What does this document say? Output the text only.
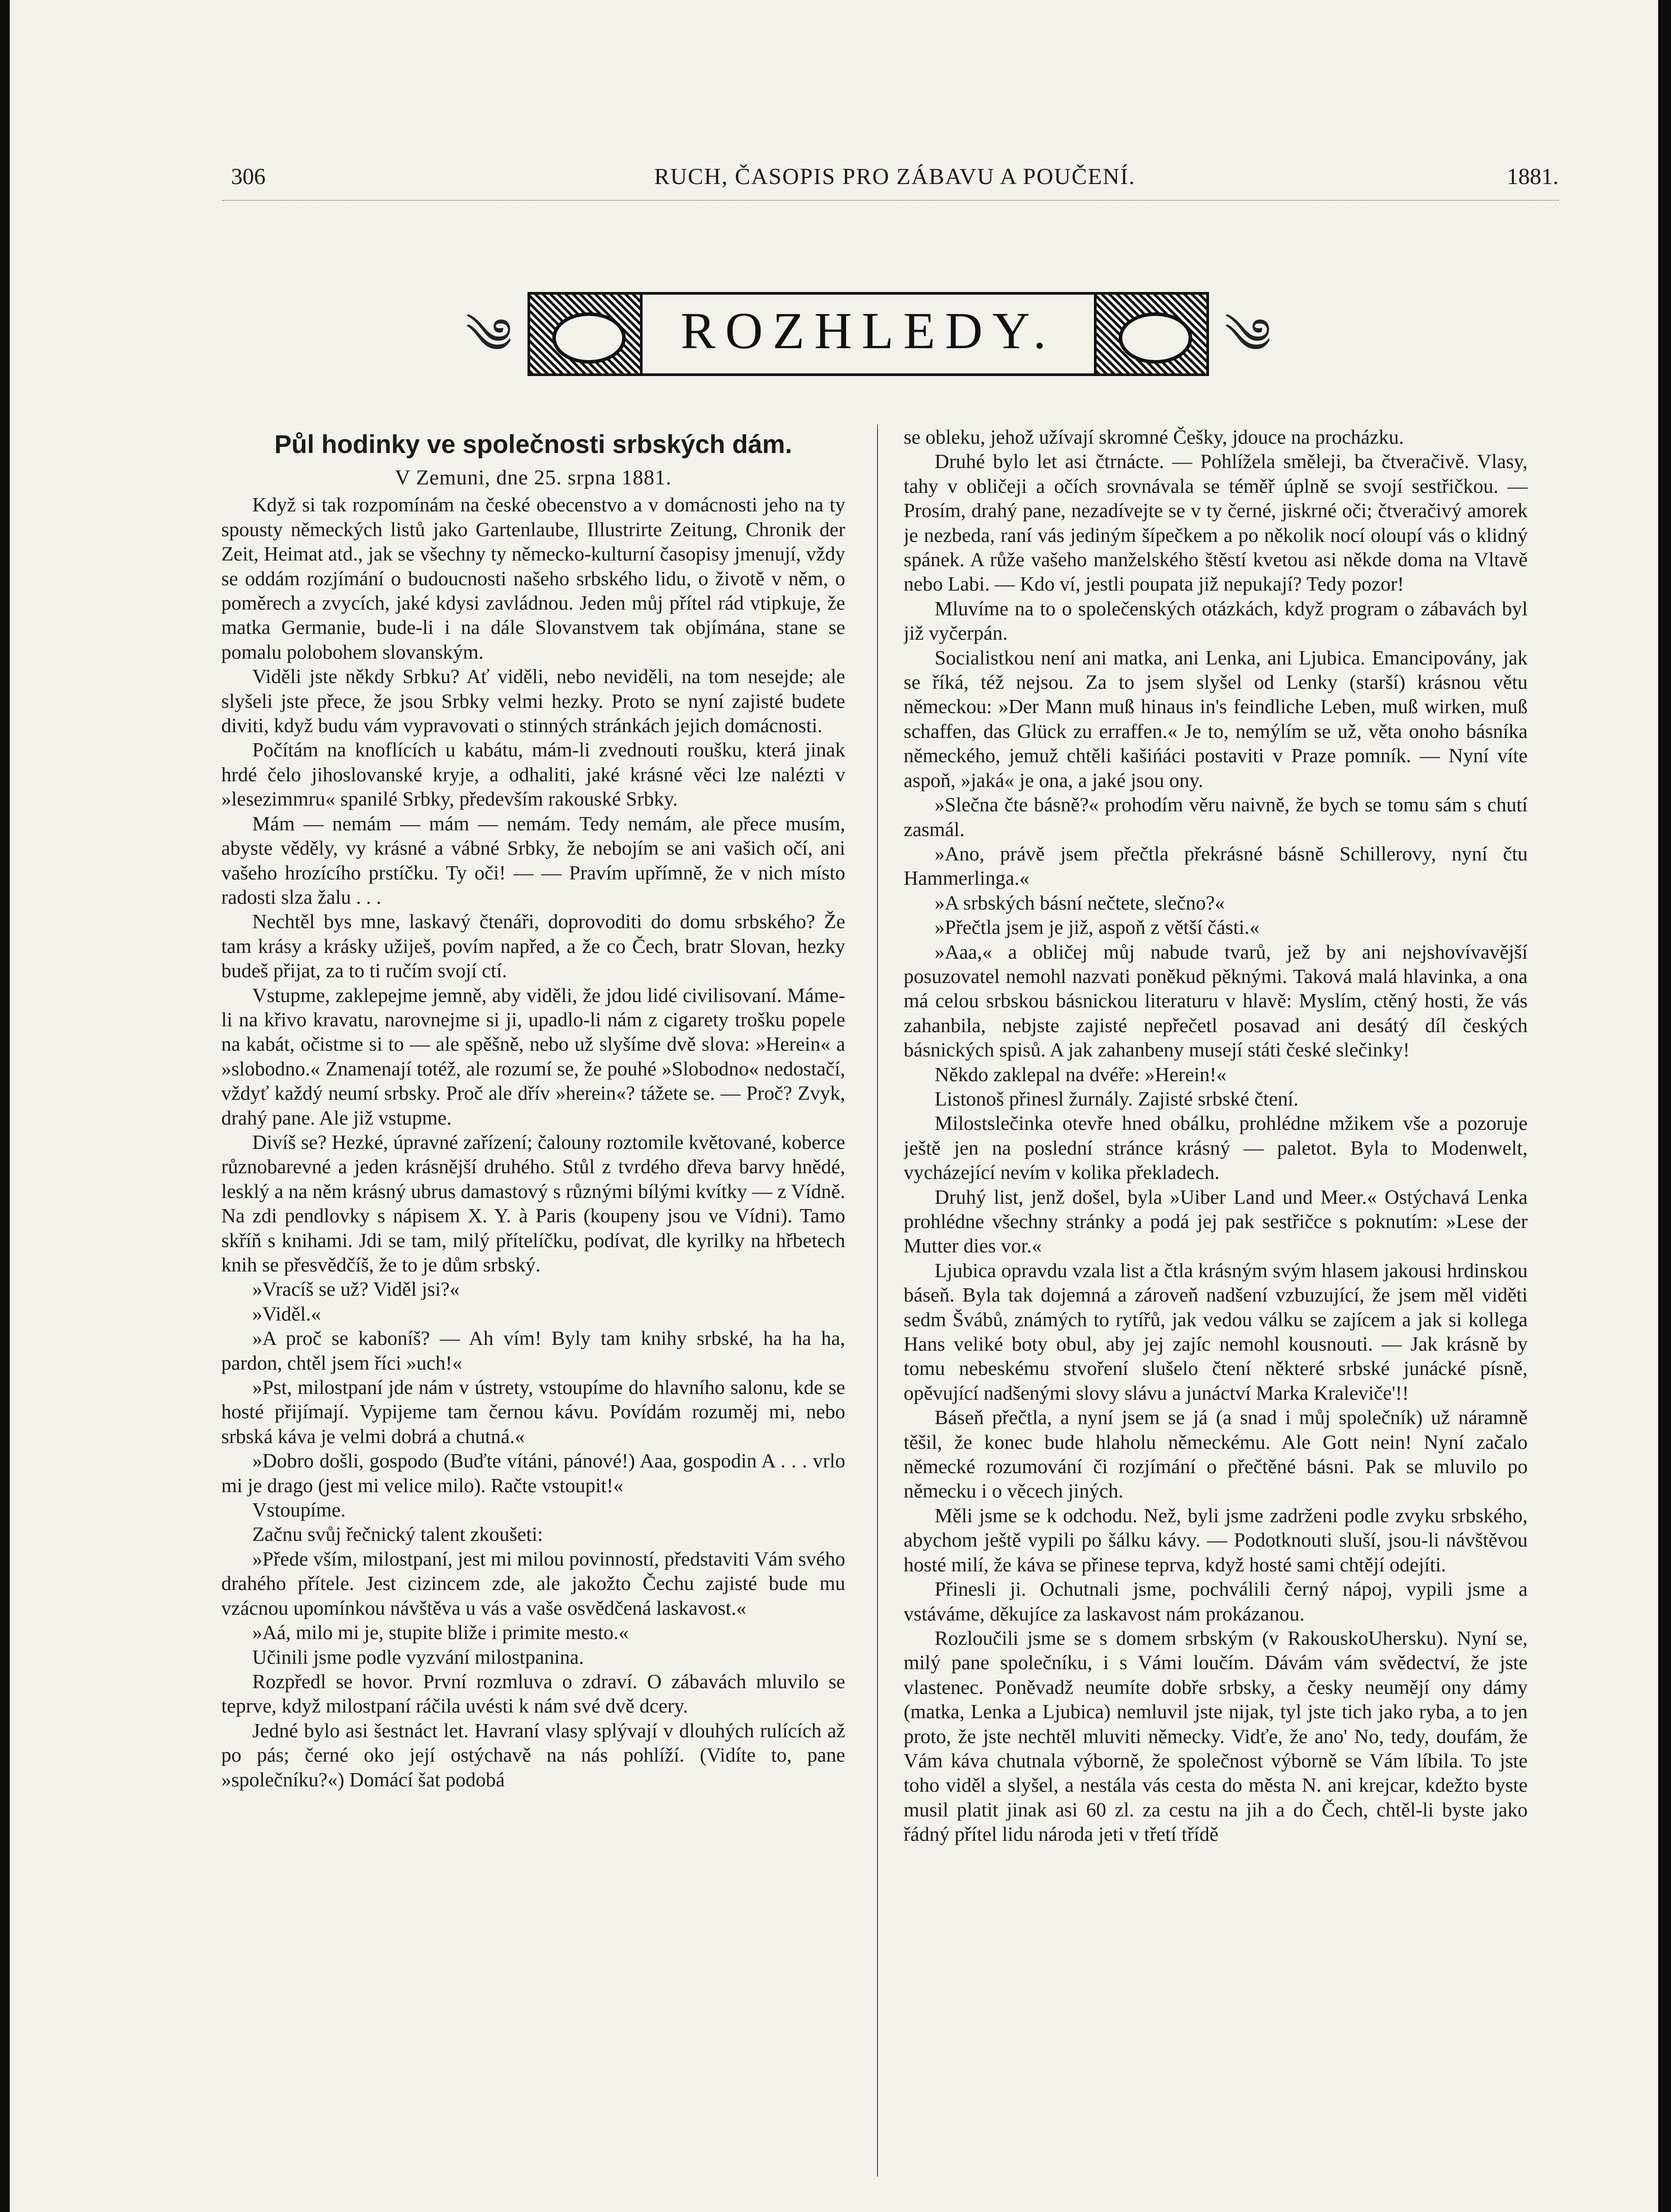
306	RUCH, ČASOPIS PRO ZÁBAVU A POUČENÍ.	1881.
༄	ROZHLEDY.	༄
Půl hodinky ve společnosti srbských dám.
V Zemuni, dne 25. srpna 1881.

Když si tak rozpomínám na české obecenstvo a v domácnosti jeho na ty spousty německých listů jako Gartenlaube, Illustrirte Zeitung, Chronik der Zeit, Heimat atd., jak se všechny ty německo-kulturní časopisy jmenují, vždy se oddám rozjímání o budoucnosti našeho srbského lidu, o životě v něm, o poměrech a zvycích, jaké kdysi zavládnou. Jeden můj přítel rád vtipkuje, že matka Germanie, bude-li i na dále Slovanstvem tak objímána, stane se pomalu polobohem slovanským.

Viděli jste někdy Srbku? Ať viděli, nebo neviděli, na tom nesejde; ale slyšeli jste přece, že jsou Srbky velmi hezky. Proto se nyní zajisté budete diviti, když budu vám vypravovati o stinných stránkách jejich domácnosti.

Počítám na knoflících u kabátu, mám-li zvednouti roušku, která jinak hrdé čelo jihoslovanské kryje, a odhaliti, jaké krásné věci lze nalézti v »lesezimmru« spanilé Srbky, především rakouské Srbky.

Mám — nemám — mám — nemám. Tedy nemám, ale přece musím, abyste věděly, vy krásné a vábné Srbky, že nebojím se ani vašich očí, ani vašeho hrozícího prstíčku. Ty oči! — — Pravím upřímně, že v nich místo radosti slza žalu . . .

Nechtěl bys mne, laskavý čtenáři, doprovoditi do domu srbského? Že tam krásy a krásky užiješ, povím napřed, a že co Čech, bratr Slovan, hezky budeš přijat, za to ti ručím svojí ctí.

Vstupme, zaklepejme jemně, aby viděli, že jdou lidé civilisovaní. Máme-li na křivo kravatu, narovnejme si ji, upadlo-li nám z cigarety trošku popele na kabát, očistme si to — ale spěšně, nebo už slyšíme dvě slova: »Herein« a »slobodno.« Znamenají totéž, ale rozumí se, že pouhé »Slobodno« nedostačí, vždyť každý neumí srbsky. Proč ale dřív »herein«? tážete se. — Proč? Zvyk, drahý pane. Ale již vstupme.

Divíš se? Hezké, úpravné zařízení; čalouny roztomile květované, koberce různobarevné a jeden krásnější druhého. Stůl z tvrdého dřeva barvy hnědé, lesklý a na něm krásný ubrus damastový s různými bílými kvítky — z Vídně. Na zdi pendlovky s nápisem X. Y. à Paris (koupeny jsou ve Vídni). Tamo skříň s knihami. Jdi se tam, milý přítelíčku, podívat, dle kyrilky na hřbetech knih se přesvědčíš, že to je dům srbský.

»Vracíš se už? Viděl jsi?«

»Viděl.«

»A proč se kaboníš? — Ah vím! Byly tam knihy srbské, ha ha ha, pardon, chtěl jsem říci »uch!«

»Pst, milostpaní jde nám v ústrety, vstoupíme do hlavního salonu, kde se hosté přijímají. Vypijeme tam černou kávu. Povídám rozuměj mi, nebo srbská káva je velmi dobrá a chutná.«

»Dobro došli, gospodo (Buďte vítáni, pánové!) Aaa, gospodin A . . . vrlo mi je drago (jest mi velice milo). Račte vstoupit!«

Vstoupíme.

Začnu svůj řečnický talent zkoušeti:

»Přede vším, milostpaní, jest mi milou povinností, představiti Vám svého drahého přítele. Jest cizincem zde, ale jakožto Čechu zajisté bude mu vzácnou upomínkou návštěva u vás a vaše osvědčená laskavost.«

»Aá, milo mi je, stupite bliže i primite mesto.«

Učinili jsme podle vyzvání milostpanina.

Rozpředl se hovor. První rozmluva o zdraví. O zábavách mluvilo se teprve, když milostpaní ráčila uvésti k nám své dvě dcery.

Jedné bylo asi šestnáct let. Havraní vlasy splývají v dlouhých rulících až po pás; černé oko její ostýchavě na nás pohlíží. (Vidíte to, pane »společníku?«) Domácí šat podobá

se obleku, jehož užívají skromné Češky, jdouce na procházku.

Druhé bylo let asi čtrnácte. — Pohlížela směleji, ba čtveračivě. Vlasy, tahy v obličeji a očích srovnávala se téměř úplně se svojí sestřičkou. — Prosím, drahý pane, nezadívejte se v ty černé, jiskrné oči; čtveračivý amorek je nezbeda, raní vás jediným šípečkem a po několik nocí oloupí vás o klidný spánek. A růže vašeho manželského štěstí kvetou asi někde doma na Vltavě nebo Labi. — Kdo ví, jestli poupata již nepukají? Tedy pozor!

Mluvíme na to o společenských otázkách, když program o zábavách byl již vyčerpán.

Socialistkou není ani matka, ani Lenka, ani Ljubica. Emancipovány, jak se říká, též nejsou. Za to jsem slyšel od Lenky (starší) krásnou větu německou: »Der Mann muß hinaus in's feindliche Leben, muß wirken, muß schaffen, das Glück zu erraffen.« Je to, nemýlím se už, věta onoho básníka německého, jemuž chtěli kašińáci postaviti v Praze pomník. — Nyní víte aspoň, »jaká« je ona, a jaké jsou ony.

»Slečna čte básně?« prohodím věru naivně, že bych se tomu sám s chutí zasmál.

»Ano, právě jsem přečtla překrásné básně Schillerovy, nyní čtu Hammerlinga.«

»A srbských básní nečtete, slečno?«

»Přečtla jsem je již, aspoň z větší části.«

»Aaa,« a obličej můj nabude tvarů, jež by ani nejshovívavější posuzovatel nemohl nazvati poněkud pěknými. Taková malá hlavinka, a ona má celou srbskou básnickou literaturu v hlavě: Myslím, ctěný hosti, že vás zahanbila, nebjste zajisté nepřečetl posavad ani desátý díl českých básnických spisů. A jak zahanbeny musejí státi české slečinky!

Někdo zaklepal na dvéře: »Herein!«

Listonoš přinesl žurnály. Zajisté srbské čtení.

Milostslečinka otevře hned obálku, prohlédne mžikem vše a pozoruje ještě jen na poslední stránce krásný — paletot. Byla to Modenwelt, vycházející nevím v kolika překladech.

Druhý list, jenž došel, byla »Uiber Land und Meer.« Ostýchavá Lenka prohlédne všechny stránky a podá jej pak sestřičce s poknutím: »Lese der Mutter dies vor.«

Ljubica opravdu vzala list a čtla krásným svým hlasem jakousi hrdinskou báseň. Byla tak dojemná a zároveň nadšení vzbuzující, že jsem měl viděti sedm Švábů, známých to rytířů, jak vedou válku se zajícem a jak si kollega Hans veliké boty obul, aby jej zajíc nemohl kousnouti. — Jak krásně by tomu nebeskému stvoření slušelo čtení některé srbské junácké písně, opěvující nadšenými slovy slávu a junáctví Marka Kraleviče'!!

Báseň přečtla, a nyní jsem se já (a snad i můj společník) už náramně těšil, že konec bude hlaholu německému. Ale Gott nein! Nyní začalo německé rozumování či rozjímání o přečtěné básni. Pak se mluvilo po německu i o věcech jiných.

Měli jsme se k odchodu. Než, byli jsme zadrženi podle zvyku srbského, abychom ještě vypili po šálku kávy. — Podotknouti sluší, jsou-li návštěvou hosté milí, že káva se přinese teprva, když hosté sami chtějí odejíti.

Přinesli ji. Ochutnali jsme, pochválili černý nápoj, vypili jsme a vstáváme, děkujíce za laskavost nám prokázanou.

Rozloučili jsme se s domem srbským (v RakouskoUhersku). Nyní se, milý pane společníku, i s Vámi loučím. Dávám vám svědectví, že jste vlastenec. Poněvadž neumíte dobře srbsky, a česky neumějí ony dámy (matka, Lenka a Ljubica) nemluvil jste nijak, tyl jste tich jako ryba, a to jen proto, že jste nechtěl mluviti německy. Vidťe, že ano' No, tedy, doufám, že Vám káva chutnala výborně, že společnost výborně se Vám líbila. To jste toho viděl a slyšel, a nestála vás cesta do města N. ani krejcar, kdežto byste musil platit jinak asi 60 zl. za cestu na jih a do Čech, chtěl-li byste jako řádný přítel lidu národa jeti v třetí třídě
